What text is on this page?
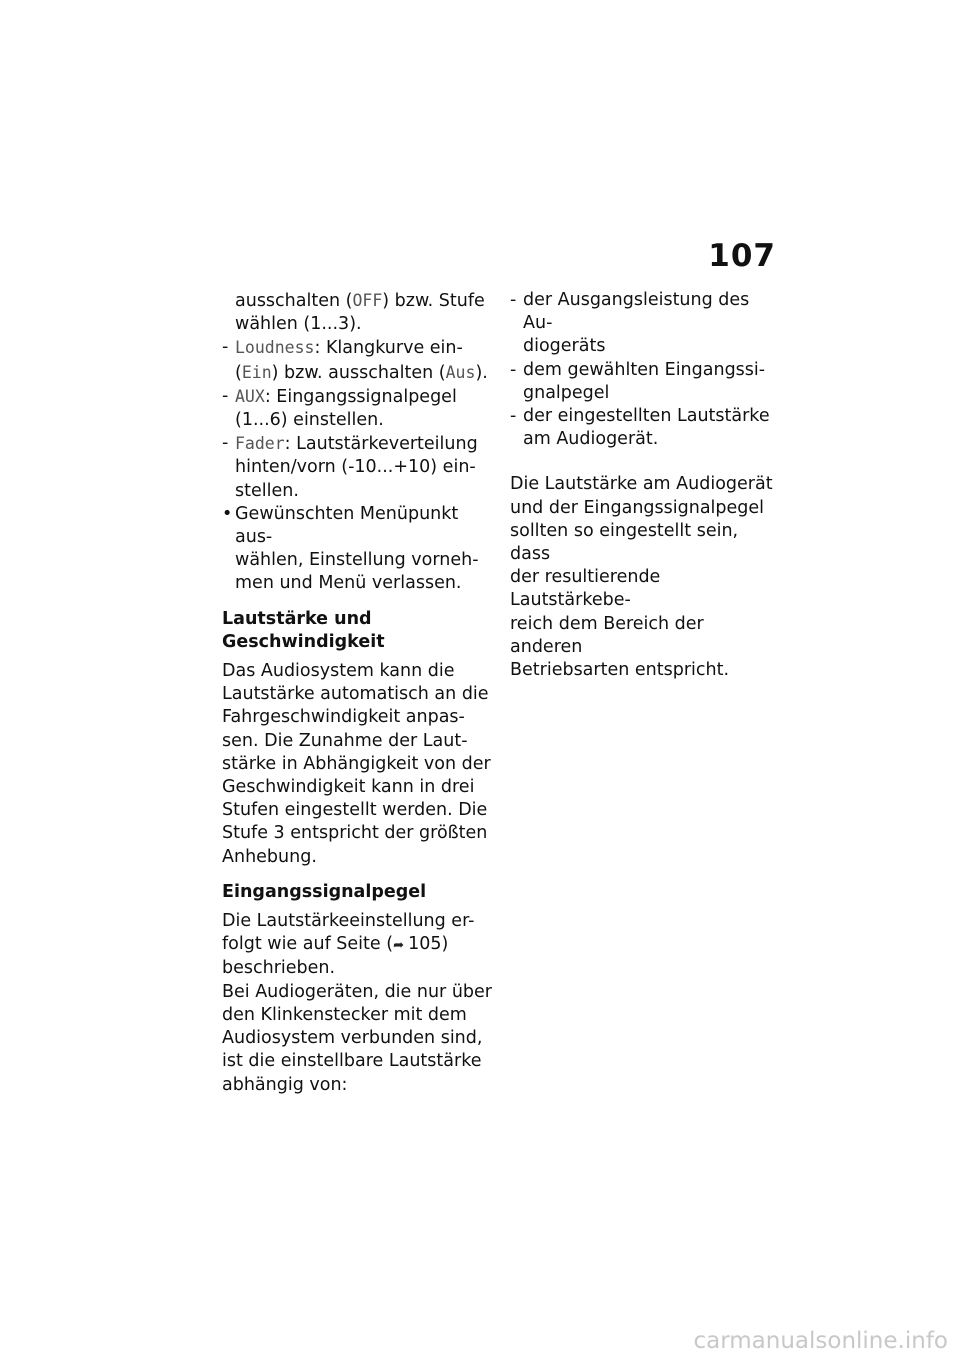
107
ausschalten (OFF) bzw. Stufe
wählen (1...3).
- Loudness: Klangkurve ein-
(Ein) bzw. ausschalten (Aus).
- AUX: Eingangssignalpegel
(1...6) einstellen.
- Fader: Lautstärkeverteilung
hinten/vorn (-10...+10) ein-
stellen.
• Gewünschten Menüpunkt aus-
wählen, Einstellung vorneh-
men und Menü verlassen.
Lautstärke und
Geschwindigkeit
Das Audiosystem kann die
Lautstärke automatisch an die
Fahrgeschwindigkeit anpas-
sen. Die Zunahme der Laut-
stärke in Abhängigkeit von der
Geschwindigkeit kann in drei
Stufen eingestellt werden. Die
Stufe 3 entspricht der größten
Anhebung.
Eingangssignalpegel
Die Lautstärkeeinstellung er-
folgt wie auf Seite (➦ 105)
beschrieben.
Bei Audiogeräten, die nur über
den Klinkenstecker mit dem
Audiosystem verbunden sind,
ist die einstellbare Lautstärke
abhängig von:
- der Ausgangsleistung des Au-
diogeräts
- dem gewählten Eingangssi-
gnalpegel
- der eingestellten Lautstärke
am Audiogerät.
Die Lautstärke am Audiogerät
und der Eingangssignalpegel
sollten so eingestellt sein, dass
der resultierende Lautstärkebe-
reich dem Bereich der anderen
Betriebsarten entspricht.
carmanualsonline.info
